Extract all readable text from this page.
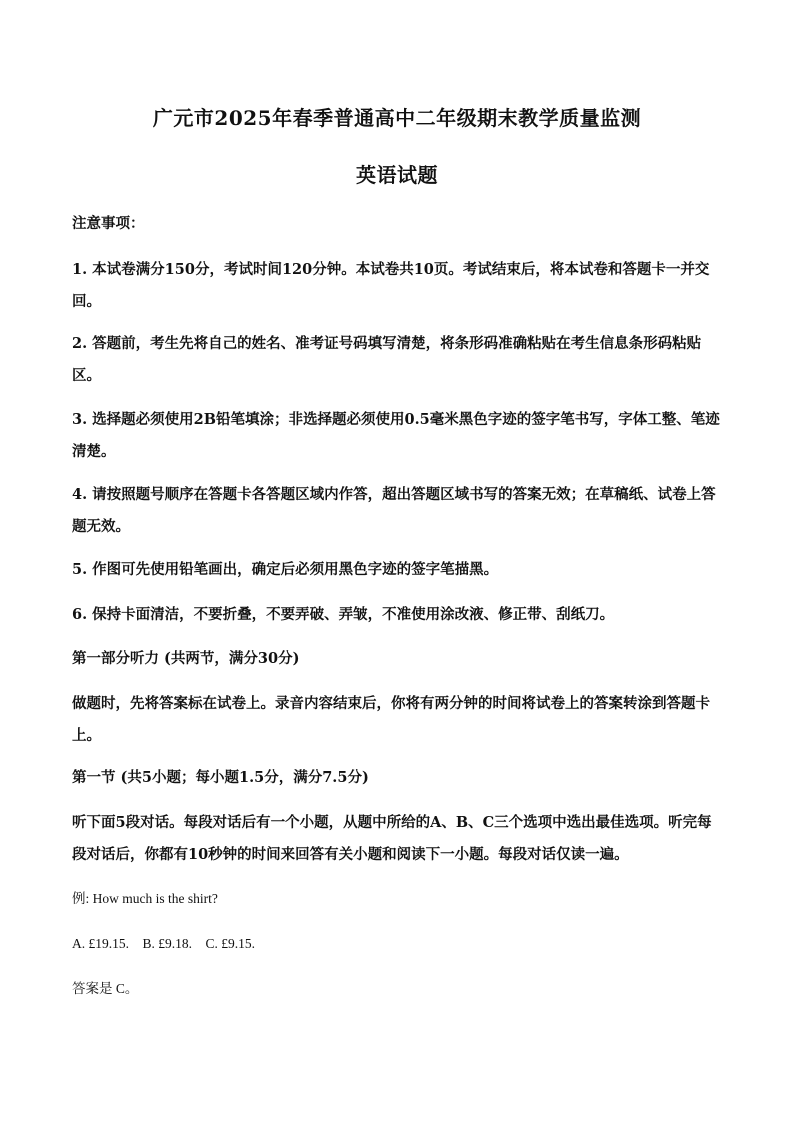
广元市2025年春季普通高中二年级期末教学质量监测
英语试题

注意事项：

1. 本试卷满分150分，考试时间120分钟。本试卷共10页。考试结束后，将本试卷和答题卡一并交回。

2. 答题前，考生先将自己的姓名、准考证号码填写清楚，将条形码准确粘贴在考生信息条形码粘贴区。

3. 选择题必须使用2B铅笔填涂；非选择题必须使用0.5毫米黑色字迹的签字笔书写，字体工整、笔迹清楚。

4. 请按照题号顺序在答题卡各答题区域内作答，超出答题区域书写的答案无效；在草稿纸、试卷上答题无效。

5. 作图可先使用铅笔画出，确定后必须用黑色字迹的签字笔描黑。

6. 保持卡面清洁，不要折叠，不要弄破、弄皱，不准使用涂改液、修正带、刮纸刀。

第一部分听力 (共两节，满分30分)

做题时，先将答案标在试卷上。录音内容结束后，你将有两分钟的时间将试卷上的答案转涂到答题卡上。

第一节 (共5小题；每小题1.5分，满分7.5分)

听下面5段对话。每段对话后有一个小题，从题中所给的A、B、C三个选项中选出最佳选项。听完每段对话后，你都有10秒钟的时间来回答有关小题和阅读下一小题。每段对话仅读一遍。

例: How much is the shirt?

A. £19.15.    B. £9.18.    C. £9.15.

答案是 C。
